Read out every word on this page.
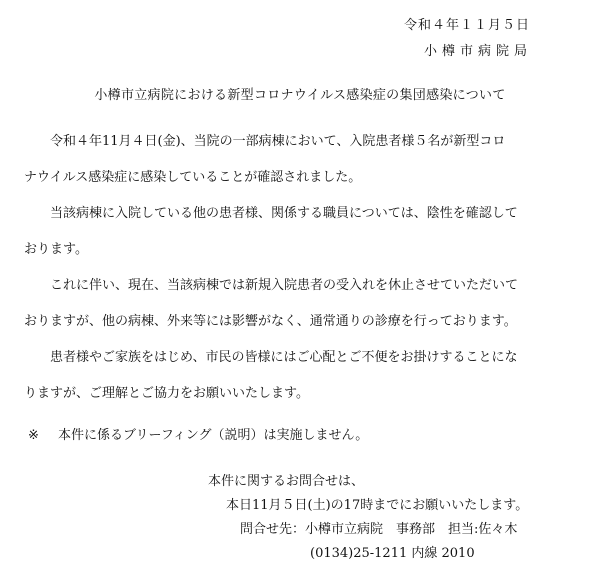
令和４年１１月５日
小樽市病院局
小樽市立病院における新型コロナウイルス感染症の集団感染について
令和４年11月４日(金)、当院の一部病棟において、入院患者様５名が新型コロ
ナウイルス感染症に感染していることが確認されました。
当該病棟に入院している他の患者様、関係する職員については、陰性を確認して
おります。
これに伴い、現在、当該病棟では新規入院患者の受入れを休止させていただいて
おりますが、他の病棟、外来等には影響がなく、通常通りの診療を行っております。
患者様やご家族をはじめ、市民の皆様にはご心配とご不便をお掛けすることにな
りますが、ご理解とご協力をお願いいたします。
※ 本件に係るブリーフィング（説明）は実施しません。
本件に関するお問合せは、
本日11月５日(土)の17時までにお願いいたします。
問合せ先：小樽市立病院　事務部　担当:佐々木
(0134)25-1211 内線 2010
